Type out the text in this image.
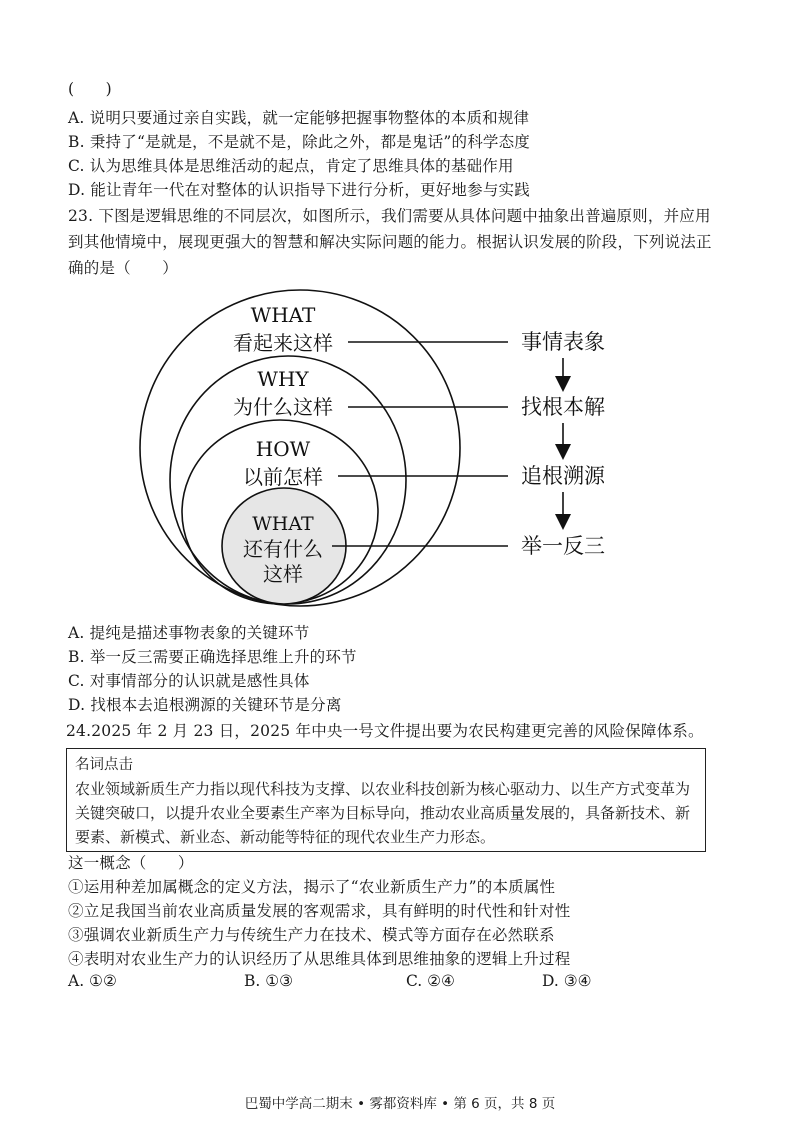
(　　)
A. 说明只要通过亲自实践，就一定能够把握事物整体的本质和规律
B. 秉持了“是就是，不是就不是，除此之外，都是鬼话”的科学态度
C. 认为思维具体是思维活动的起点，肯定了思维具体的基础作用
D. 能让青年一代在对整体的认识指导下进行分析，更好地参与实践
23. 下图是逻辑思维的不同层次，如图所示，我们需要从具体问题中抽象出普遍原则，并应用到其他情境中，展现更强大的智慧和解决实际问题的能力。根据认识发展的阶段，下列说法正确的是（　　）
WHAT
看起来这样
WHY
为什么这样
HOW
以前怎样
WHAT
还有什么
这样
事情表象
找根本解
追根溯源
举一反三
A. 提纯是描述事物表象的关键环节
B. 举一反三需要正确选择思维上升的环节
C. 对事情部分的认识就是感性具体
D. 找根本去追根溯源的关键环节是分离
24.2025 年 2 月 23 日，2025 年中央一号文件提出要为农民构建更完善的风险保障体系。
名词点击
农业领域新质生产力指以现代科技为支撑、以农业科技创新为核心驱动力、以生产方式变革为关键突破口，以提升农业全要素生产率为目标导向，推动农业高质量发展的，具备新技术、新要素、新模式、新业态、新动能等特征的现代农业生产力形态。
这一概念（　　）
①运用种差加属概念的定义方法，揭示了“农业新质生产力”的本质属性
②立足我国当前农业高质量发展的客观需求，具有鲜明的时代性和针对性
③强调农业新质生产力与传统生产力在技术、模式等方面存在必然联系
④表明对农业生产力的认识经历了从思维具体到思维抽象的逻辑上升过程
A. ①②	B. ①③	C. ②④	D. ③④
巴蜀中学高二期末 • 雾都资料库 • 第 6 页，共 8 页
